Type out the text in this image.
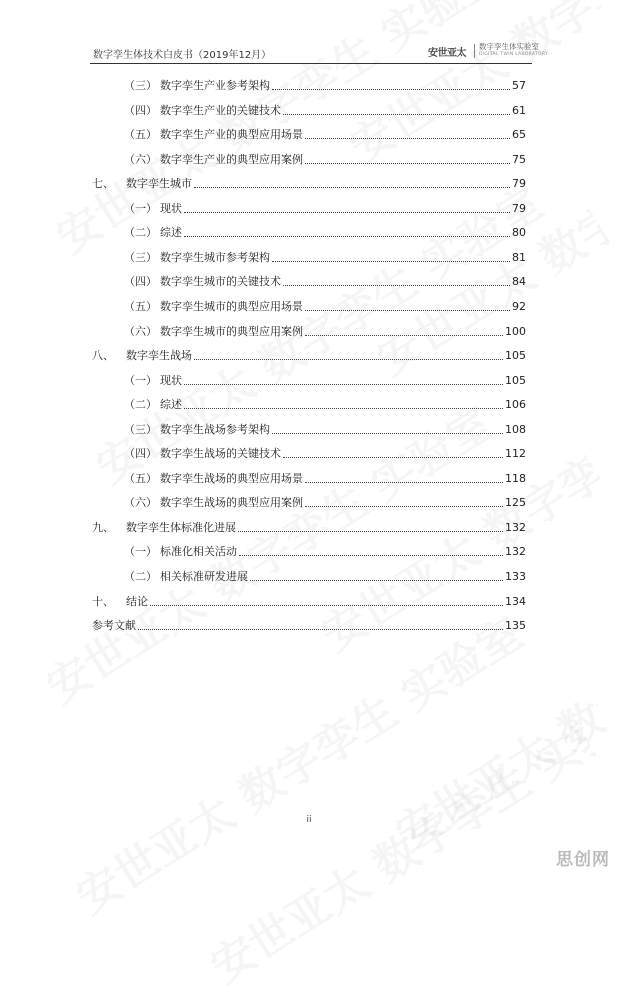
数字孪生体技术白皮书（2019年12月）	安世亚太
数字孪生体实验室
DIGITAL TWIN LABORATORY
（三） 数字孪生产业参考架构	57
（四） 数字孪生产业的关键技术	61
（五） 数字孪生产业的典型应用场景	65
（六） 数字孪生产业的典型应用案例	75
七、	数字孪生城市	79
（一） 现状	79
（二） 综述	80
（三） 数字孪生城市参考架构	81
（四） 数字孪生城市的关键技术	84
（五） 数字孪生城市的典型应用场景	92
（六） 数字孪生城市的典型应用案例	100
八、	数字孪生战场	105
（一） 现状	105
（二） 综述	106
（三） 数字孪生战场参考架构	108
（四） 数字孪生战场的关键技术	112
（五） 数字孪生战场的典型应用场景	118
（六） 数字孪生战场的典型应用案例	125
九、	数字孪生体标准化进展	132
（一） 标准化相关活动	132
（二） 相关标准研发进展	133
十、	结论	134
参考文献	135
ii
思创网
